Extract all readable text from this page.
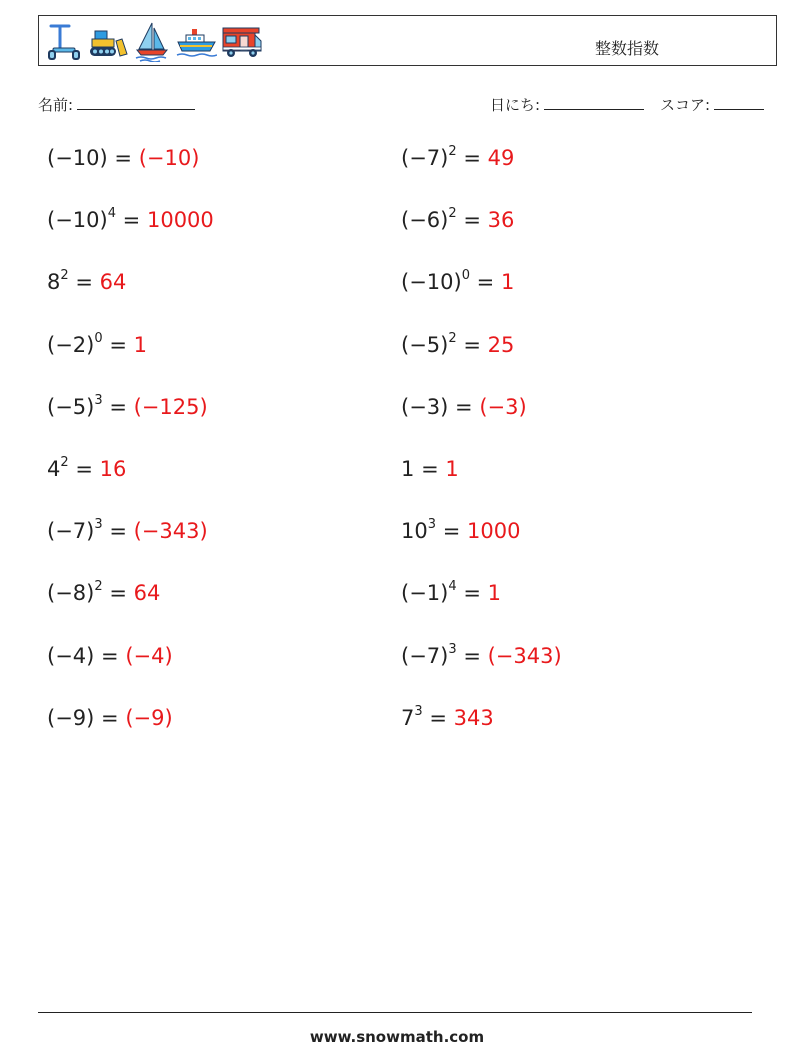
整数指数
名前:	日にち:	スコア:
(−10) = (−10)	$(-7)^2 = 49$
$(-10)^4 = 10000$	$(-6)^2 = 36$
$8^2 = 64$	$(-10)^0 = 1$
$(-2)^0 = 1$	$(-5)^2 = 25$
$(-5)^3 = (-125)$	(−3) = (−3)
$4^2 = 16$	1 = 1
$(-7)^3 = (-343)$	$10^3 = 1000$
$(-8)^2 = 64$	$(-1)^4 = 1$
(−4) = (−4)	$(-7)^3 = (-343)$
(−9) = (−9)	$7^3 = 343$
www.snowmath.com
